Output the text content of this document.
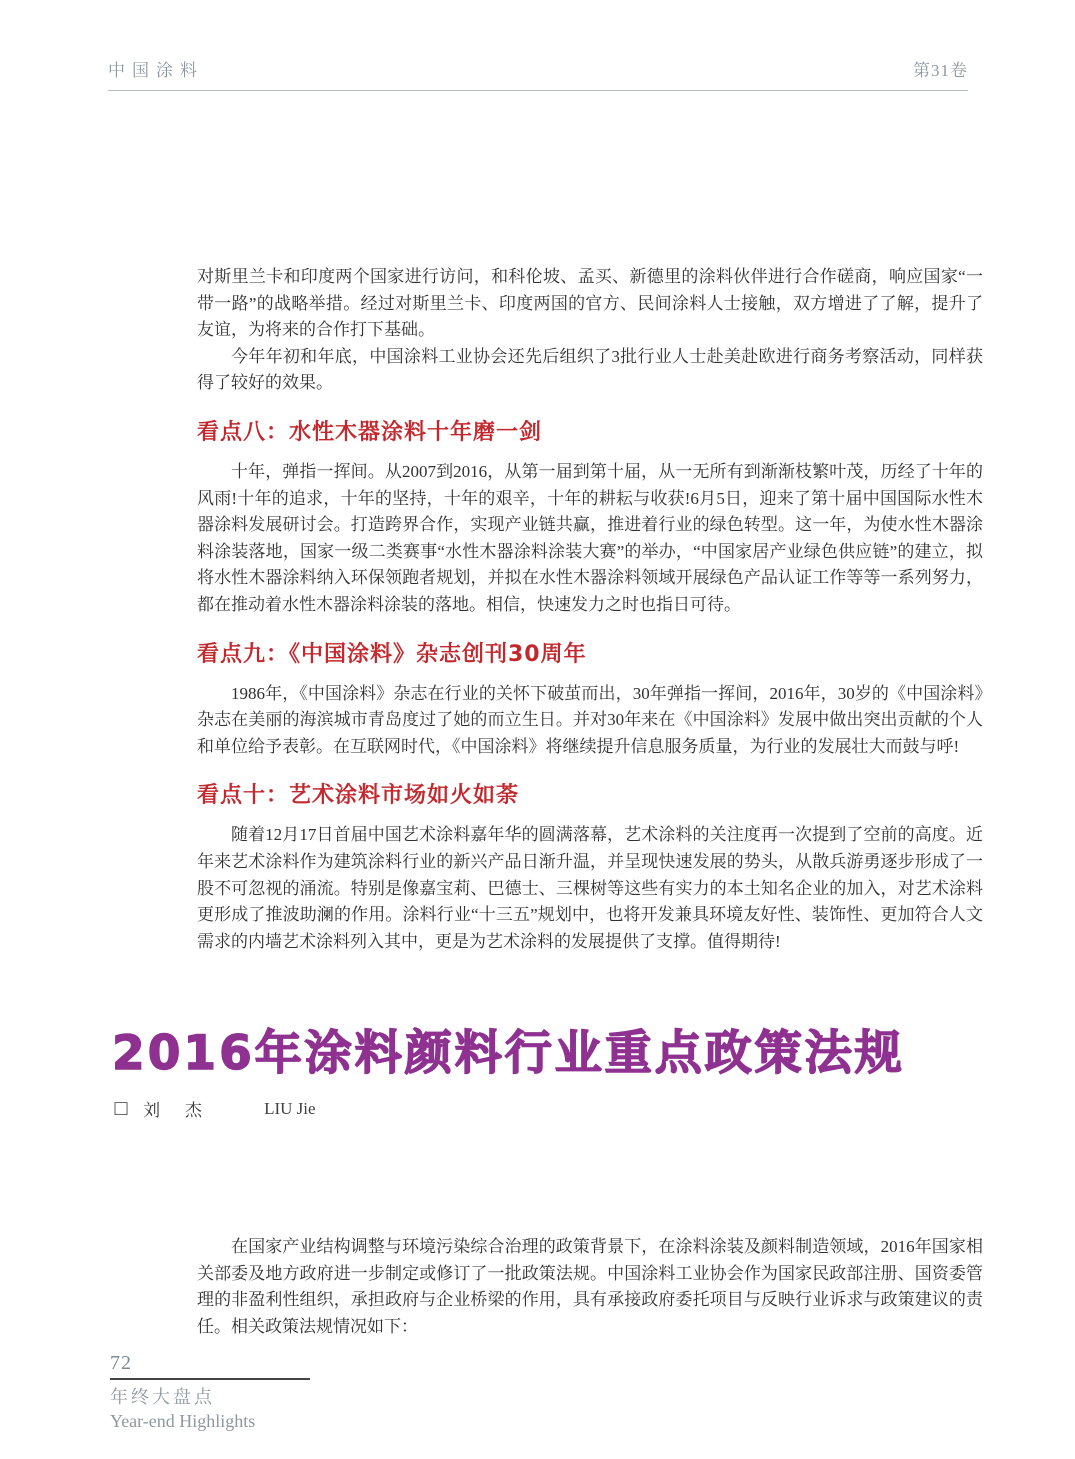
中国涂料	第31卷

对斯里兰卡和印度两个国家进行访问，和科伦坡、孟买、新德里的涂料伙伴进行合作磋商，响应国家“一带一路”的战略举措。经过对斯里兰卡、印度两国的官方、民间涂料人士接触，双方增进了了解，提升了友谊，为将来的合作打下基础。

今年年初和年底，中国涂料工业协会还先后组织了3批行业人士赴美赴欧进行商务考察活动，同样获得了较好的效果。

看点八：水性木器涂料十年磨一剑

十年，弹指一挥间。从2007到2016，从第一届到第十届，从一无所有到渐渐枝繁叶茂，历经了十年的风雨!十年的追求，十年的坚持，十年的艰辛，十年的耕耘与收获!6月5日，迎来了第十届中国国际水性木器涂料发展研讨会。打造跨界合作，实现产业链共赢，推进着行业的绿色转型。这一年，为使水性木器涂料涂装落地，国家一级二类赛事“水性木器涂料涂装大赛”的举办，“中国家居产业绿色供应链”的建立，拟将水性木器涂料纳入环保领跑者规划，并拟在水性木器涂料领域开展绿色产品认证工作等等一系列努力，都在推动着水性木器涂料涂装的落地。相信，快速发力之时也指日可待。

看点九：《中国涂料》杂志创刊30周年

1986年，《中国涂料》杂志在行业的关怀下破茧而出，30年弹指一挥间，2016年，30岁的《中国涂料》杂志在美丽的海滨城市青岛度过了她的而立生日。并对30年来在《中国涂料》发展中做出突出贡献的个人和单位给予表彰。在互联网时代，《中国涂料》将继续提升信息服务质量，为行业的发展壮大而鼓与呼!

看点十：艺术涂料市场如火如荼

随着12月17日首届中国艺术涂料嘉年华的圆满落幕，艺术涂料的关注度再一次提到了空前的高度。近年来艺术涂料作为建筑涂料行业的新兴产品日渐升温，并呈现快速发展的势头，从散兵游勇逐步形成了一股不可忽视的涌流。特别是像嘉宝莉、巴德士、三棵树等这些有实力的本土知名企业的加入，对艺术涂料更形成了推波助澜的作用。涂料行业“十三五”规划中，也将开发兼具环境友好性、装饰性、更加符合人文需求的内墙艺术涂料列入其中，更是为艺术涂料的发展提供了支撑。值得期待!

2016年涂料颜料行业重点政策法规
□ 刘　杰	LIU Jie

在国家产业结构调整与环境污染综合治理的政策背景下，在涂料涂装及颜料制造领域，2016年国家相关部委及地方政府进一步制定或修订了一批政策法规。中国涂料工业协会作为国家民政部注册、国资委管理的非盈利性组织，承担政府与企业桥梁的作用，具有承接政府委托项目与反映行业诉求与政策建议的责任。相关政策法规情况如下：

72
年终大盘点
Year-end Highlights
